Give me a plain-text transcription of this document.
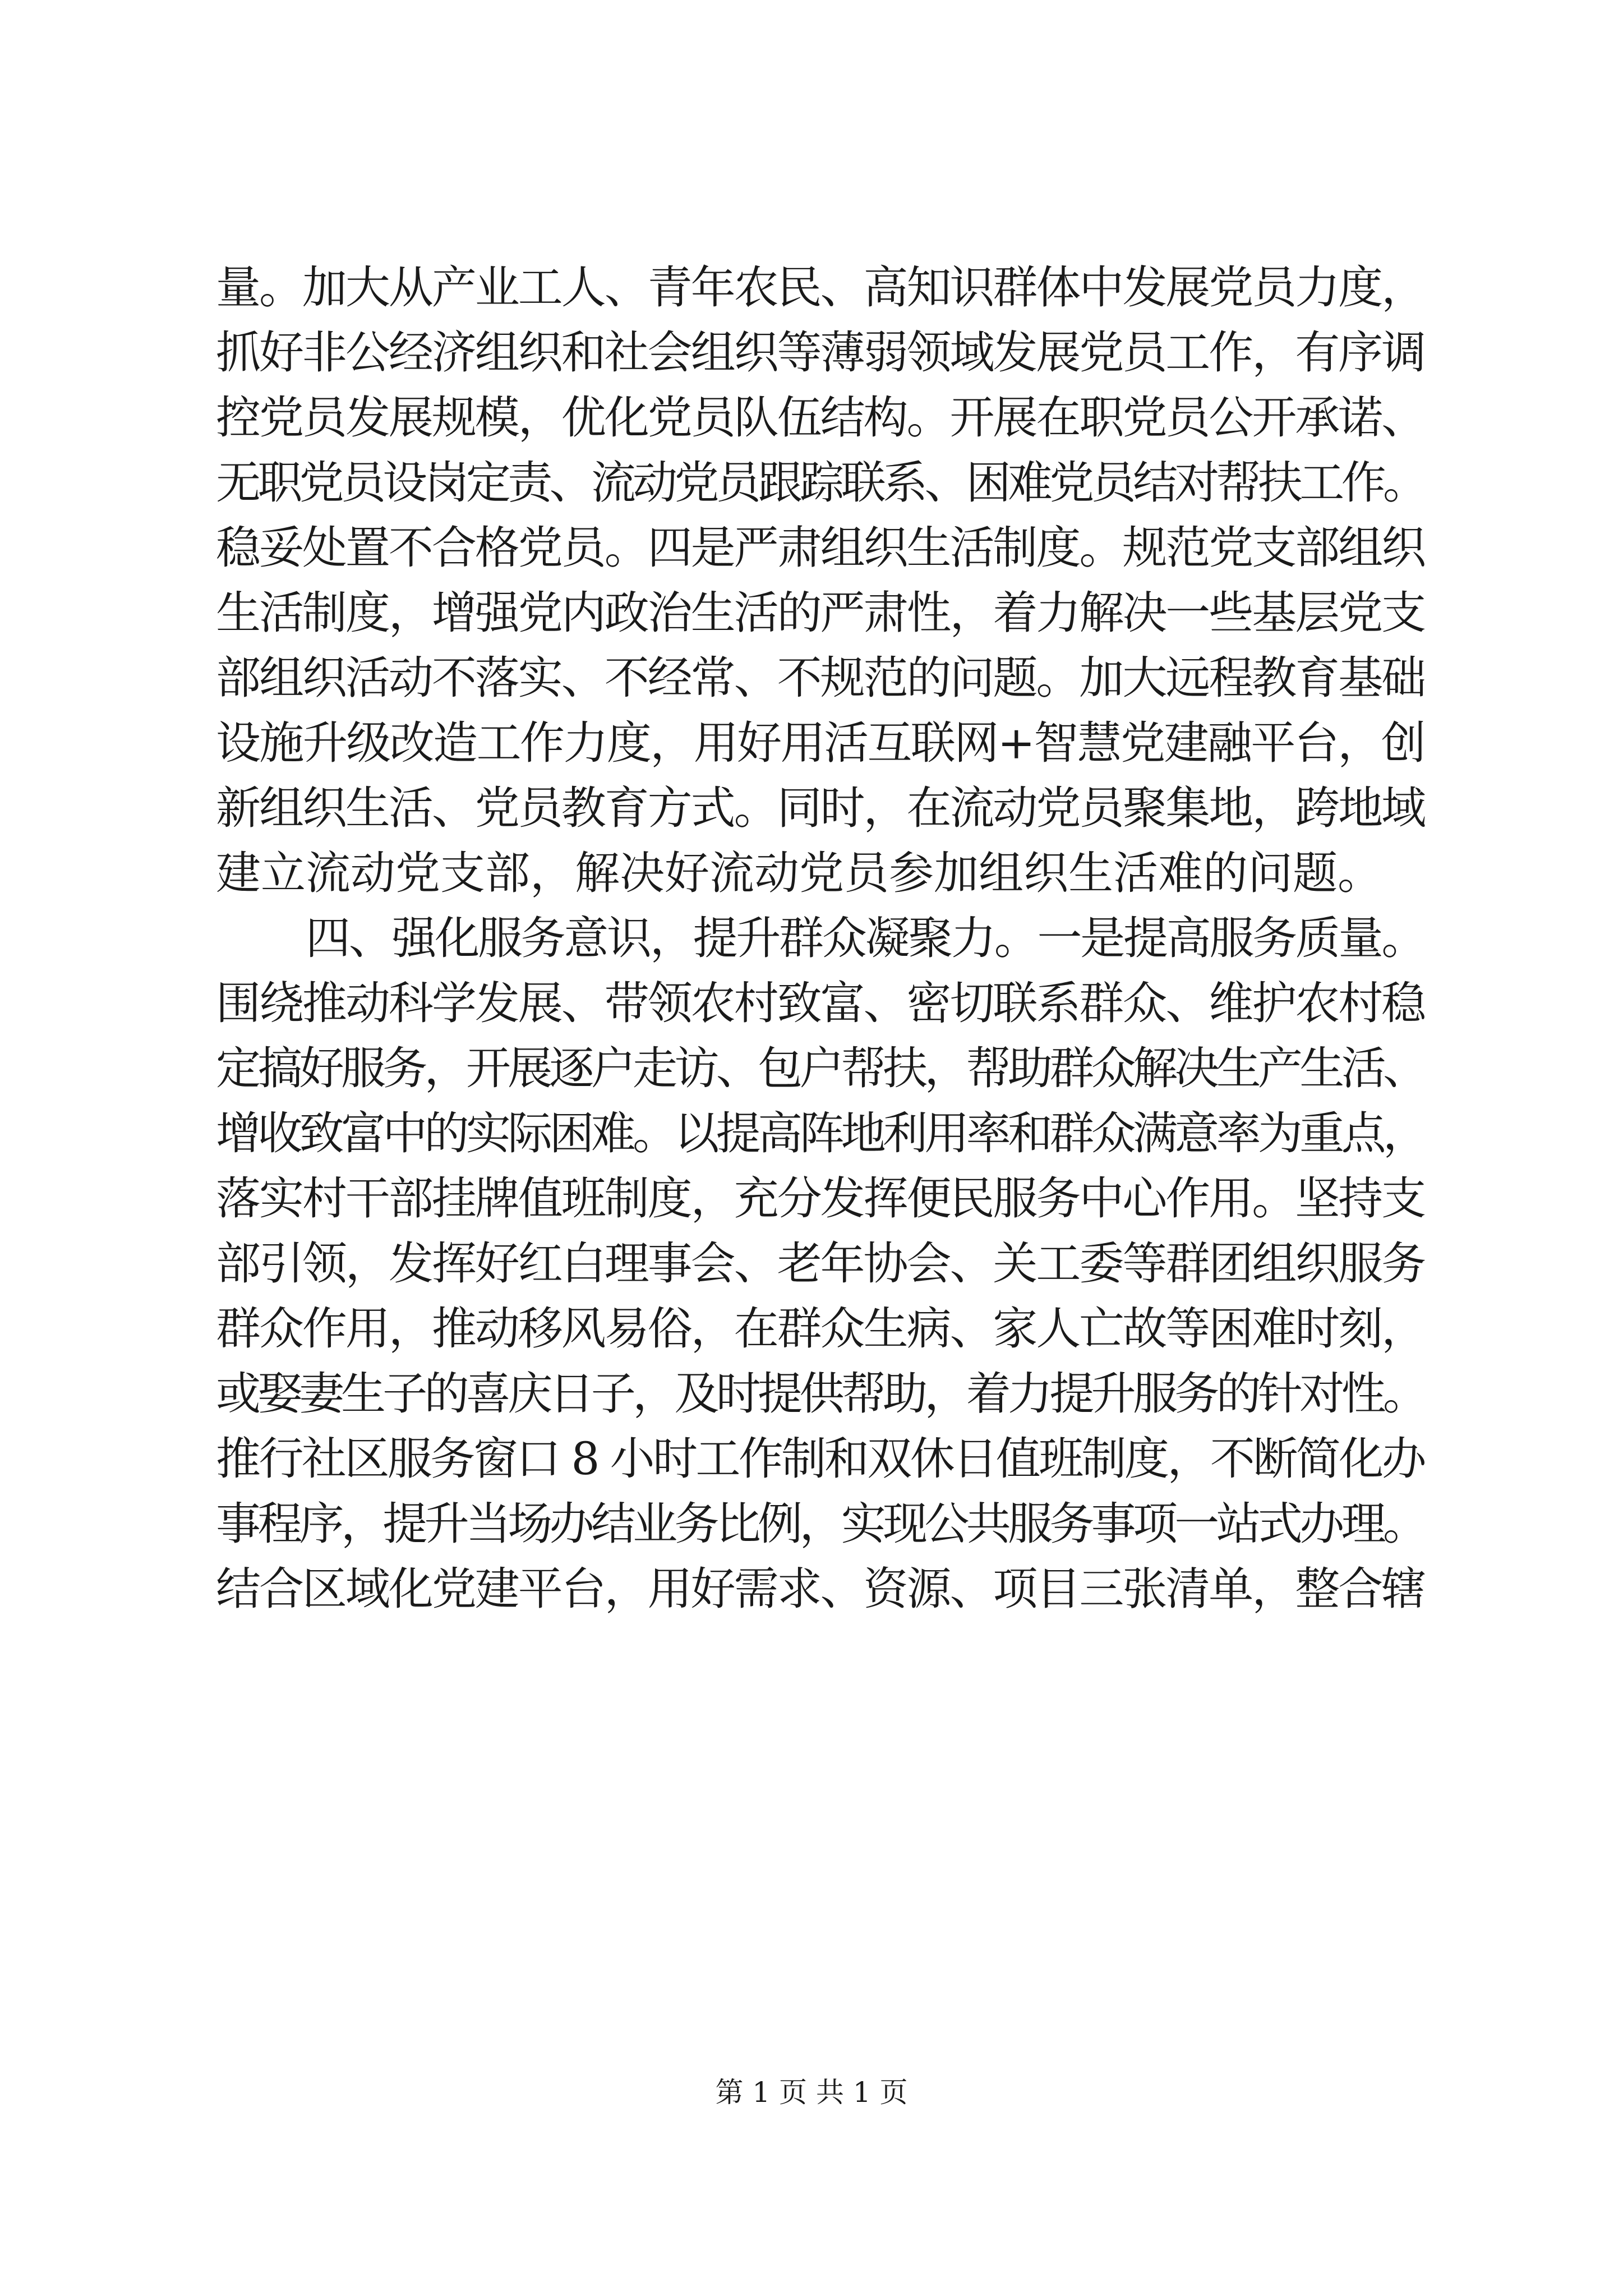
量。加大从产业工人、青年农民、高知识群体中发展党员力度，
抓好非公经济组织和社会组织等薄弱领域发展党员工作，有序调
控党员发展规模，优化党员队伍结构。开展在职党员公开承诺、
无职党员设岗定责、流动党员跟踪联系、困难党员结对帮扶工作。
稳妥处置不合格党员。四是严肃组织生活制度。规范党支部组织
生活制度，增强党内政治生活的严肃性，着力解决一些基层党支
部组织活动不落实、不经常、不规范的问题。加大远程教育基础
设施升级改造工作力度，用好用活互联网+智慧党建融平台，创
新组织生活、党员教育方式。同时，在流动党员聚集地，跨地域
建立流动党支部，解决好流动党员参加组织生活难的问题。
四、强化服务意识，提升群众凝聚力。一是提高服务质量。
围绕推动科学发展、带领农村致富、密切联系群众、维护农村稳
定搞好服务，开展逐户走访、包户帮扶，帮助群众解决生产生活、
增收致富中的实际困难。以提高阵地利用率和群众满意率为重点，
落实村干部挂牌值班制度，充分发挥便民服务中心作用。坚持支
部引领，发挥好红白理事会、老年协会、关工委等群团组织服务
群众作用，推动移风易俗，在群众生病、家人亡故等困难时刻，
或娶妻生子的喜庆日子，及时提供帮助，着力提升服务的针对性。
推行社区服务窗口 8 小时工作制和双休日值班制度，不断简化办
事程序，提升当场办结业务比例，实现公共服务事项一站式办理。
结合区域化党建平台，用好需求、资源、项目三张清单，整合辖
第 1 页 共 1 页
